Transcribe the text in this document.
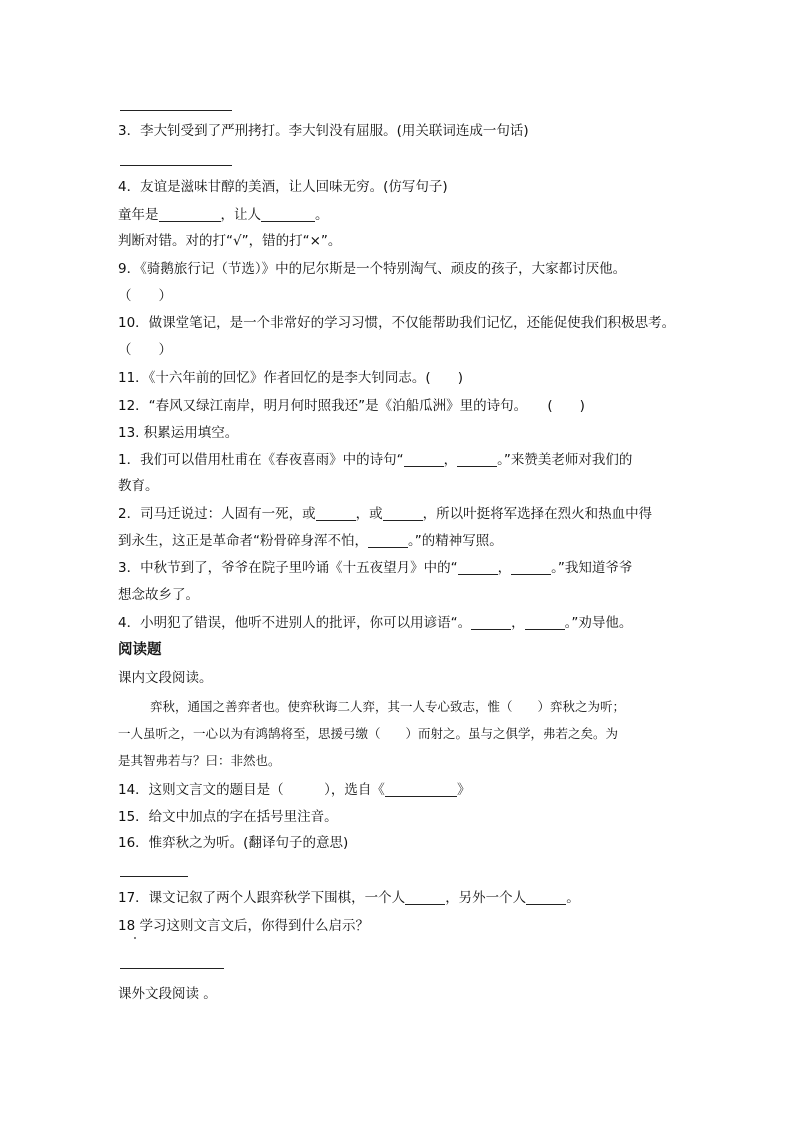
3．李大钊受到了严刑拷打。李大钊没有屈服。(用关联词连成一句话)
4．友谊是滋味甘醇的美酒，让人回味无穷。(仿写句子)
童年是	，让人	。
判断对错。对的打“√”，错的打“×”。
9．《骑鹅旅行记（节选）》中的尼尔斯是一个特别淘气、顽皮的孩子，大家都讨厌他。
（　　）
10．做课堂笔记，是一个非常好的学习习惯，不仅能帮助我们记忆，还能促使我们积极思考。
（　　）
11．《十六年前的回忆》作者回忆的是李大钊同志。(　　)
12．“春风又绿江南岸，明月何时照我还”是《泊船瓜洲》里的诗句。　　(　　)
13. 积累运用填空。
1．我们可以借用杜甫在《春夜喜雨》中的诗句“	，	。”来赞美老师对我们的
教育。
2．司马迁说过：人固有一死，或	，或	，所以叶挺将军选择在烈火和热血中得
到永生，这正是革命者“粉骨碎身浑不怕，	。”的精神写照。
3．中秋节到了，爷爷在院子里吟诵《十五夜望月》中的“	，	。”我知道爷爷
想念故乡了。
4．小明犯了错误，他听不进别人的批评，你可以用谚语“。	，	。”劝导他。
阅读题
课内文段阅读。
弈秋，通国之善弈者也。使弈秋诲二人弈，其一人专心致志，惟（　　）弈秋之为听；
一人虽听之，一心以为有鸿鹄将至，思援弓缴（　　）而射之。虽与之俱学，弗若之矣。为
是其智弗若与？曰：非然也。
14．这则文言文的题目是（　　　），选自《	》
15．给文中加点的字在括号里注音。
16．惟弈秋之为听。(翻译句子的意思)
17．课文记叙了两个人跟弈秋学下围棋，一个人	，另外一个人	。
18 学习这则文言文后，你得到什么启示？
课外文段阅读 。
